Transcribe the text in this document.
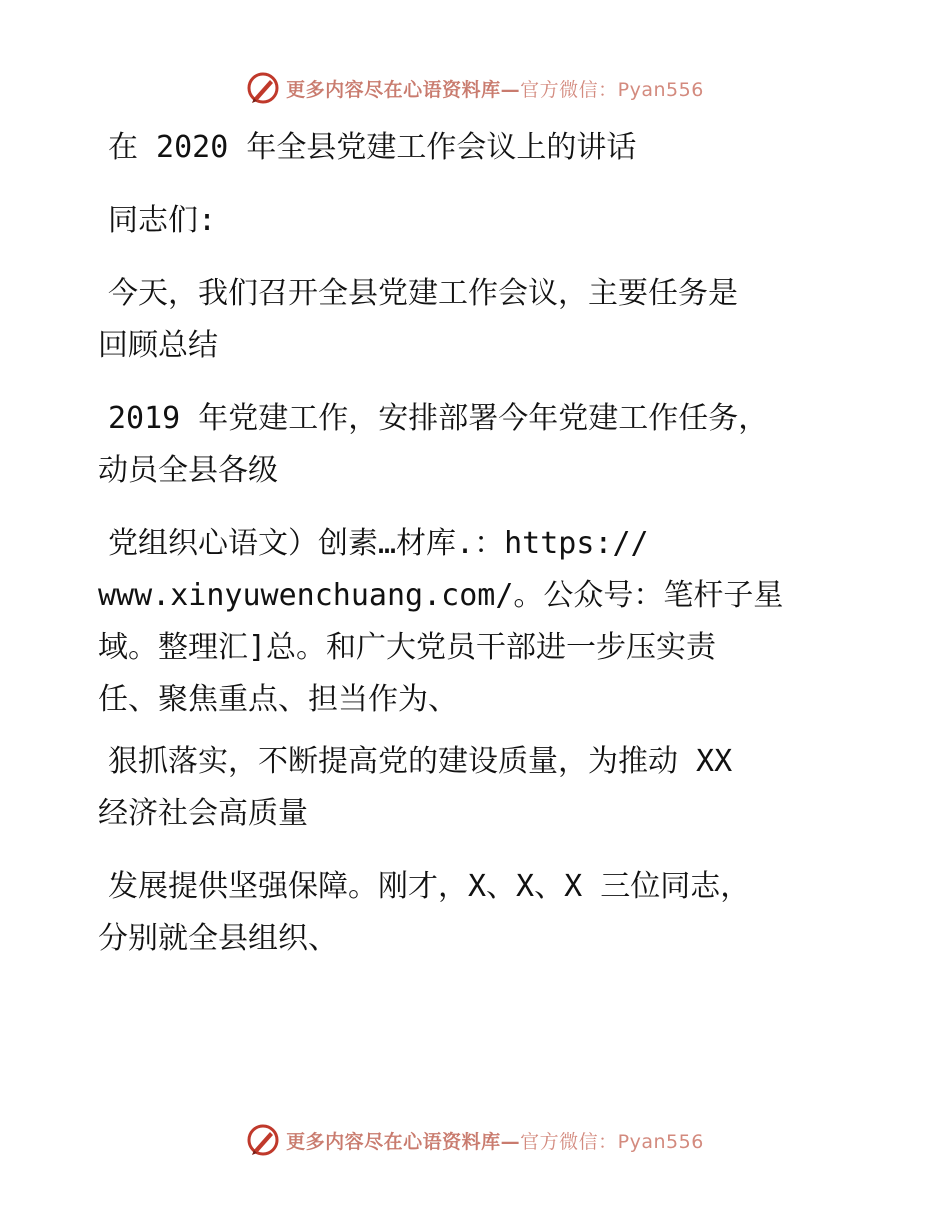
更多内容尽在心语资料库—官方微信：Pyan556
在 2020 年全县党建工作会议上的讲话
同志们:
今天，我们召开全县党建工作会议，主要任务是
回顾总结
2019 年党建工作，安排部署今年党建工作任务，
动员全县各级
党组织心语文）创素…材库.：https://
www.xinyuwenchuang.com/。公众号：笔杆子星
域。整理汇]总。和广大党员干部进一步压实责
任、聚焦重点、担当作为、
狠抓落实，不断提高党的建设质量，为推动 XX
经济社会高质量
发展提供坚强保障。刚才，X、X、X 三位同志，
分别就全县组织、
更多内容尽在心语资料库—官方微信：Pyan556
